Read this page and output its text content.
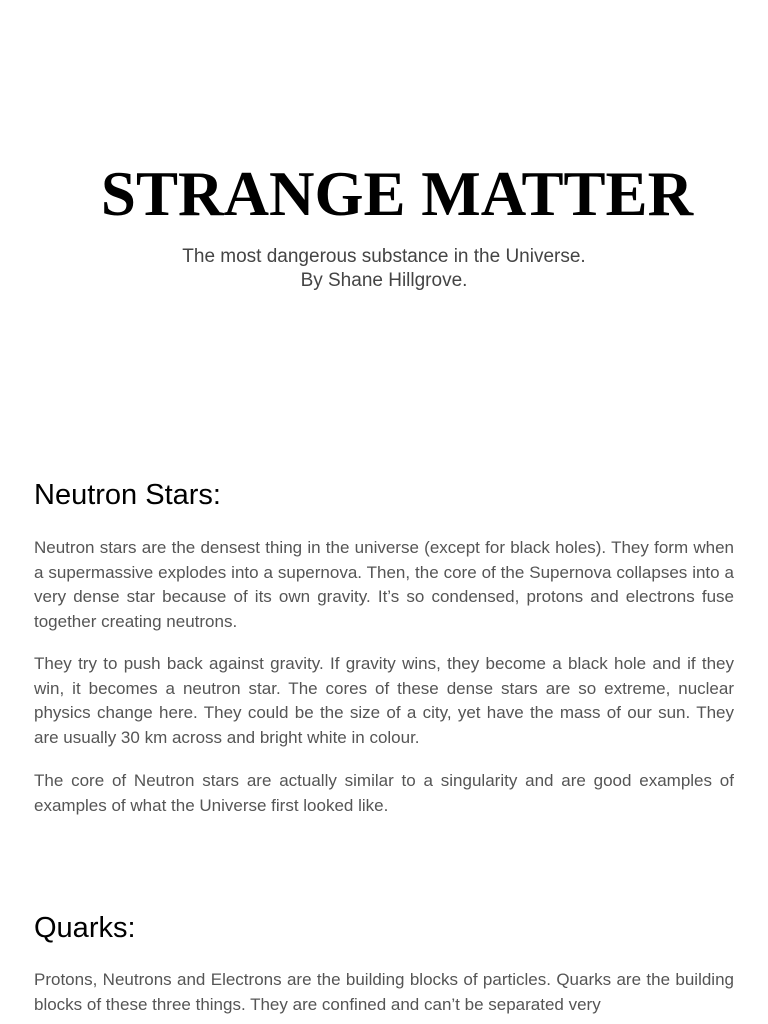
STRANGE MATTER

The most dangerous substance in the Universe.

By Shane Hillgrove.

Neutron Stars:

Neutron stars are the densest thing in the universe (except for black holes). They form when a supermassive explodes into a supernova. Then, the core of the Supernova collapses into a very dense star because of its own gravity. It’s so condensed, protons and electrons fuse together creating neutrons.

They try to push back against gravity. If gravity wins, they become a black hole and if they win, it becomes a neutron star. The cores of these dense stars are so extreme, nuclear physics change here. They could be the size of a city, yet have the mass of our sun. They are usually 30 km across and bright white in colour.

The core of Neutron stars are actually similar to a singularity and are good examples of examples of what the Universe first looked like.

Quarks:

Protons, Neutrons and Electrons are the building blocks of particles. Quarks are the building blocks of these three things. They are confined and can’t be separated very
